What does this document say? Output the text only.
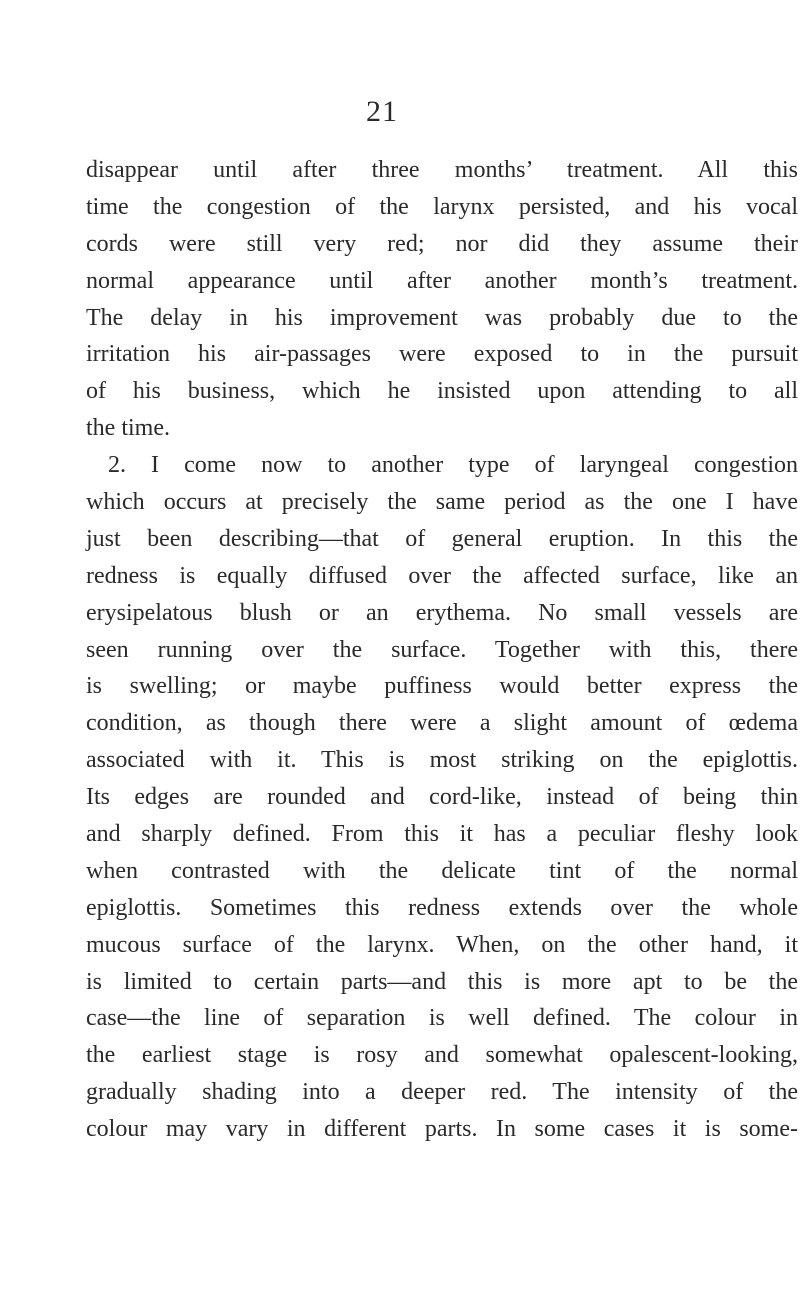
21
disappear until after three months’ treatment. All this
time the congestion of the larynx persisted, and his vocal
cords were still very red; nor did they assume their
normal appearance until after another month’s treatment.
The delay in his improvement was probably due to the
irritation his air-passages were exposed to in the pursuit
of his business, which he insisted upon attending to all
the time.
2. I come now to another type of laryngeal congestion
which occurs at precisely the same period as the one I have
just been describing—that of general eruption. In this the
redness is equally diffused over the affected surface, like an
erysipelatous blush or an erythema. No small vessels are
seen running over the surface. Together with this, there
is swelling; or maybe puffiness would better express the
condition, as though there were a slight amount of œdema
associated with it. This is most striking on the epiglottis.
Its edges are rounded and cord-like, instead of being thin
and sharply defined. From this it has a peculiar fleshy look
when contrasted with the delicate tint of the normal
epiglottis. Sometimes this redness extends over the whole
mucous surface of the larynx. When, on the other hand, it
is limited to certain parts—and this is more apt to be the
case—the line of separation is well defined. The colour in
the earliest stage is rosy and somewhat opalescent-looking,
gradually shading into a deeper red. The intensity of the
colour may vary in different parts. In some cases it is some-
